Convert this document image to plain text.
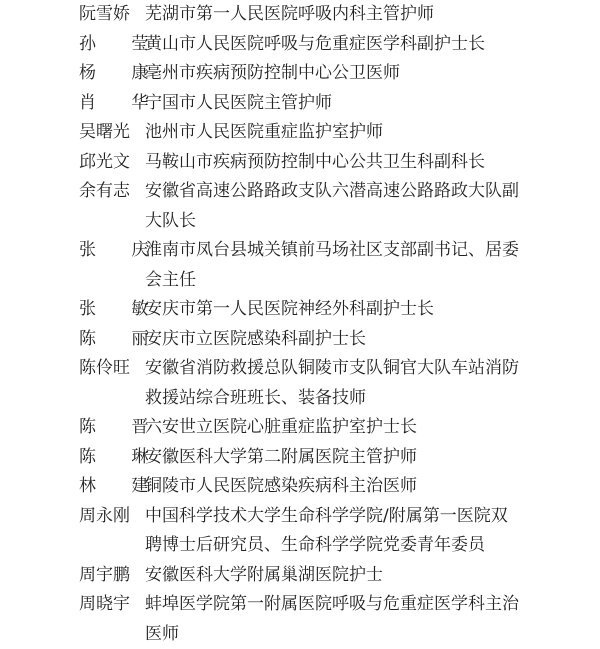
阮雪娇 芜湖市第一人民医院呼吸内科主管护师
孙 莹
黄山市人民医院呼吸与危重症医学科副护士长
杨 康
亳州市疾病预防控制中心公卫医师
肖 华
宁国市人民医院主管护师
吴曙光 池州市人民医院重症监护室护师
邱光文 马鞍山市疾病预防控制中心公共卫生科副科长
余有志 安徽省高速公路路政支队六潜高速公路路政大队副大队长
张 庆
淮南市凤台县城关镇前马场社区支部副书记、居委会主任
张 敏
安庆市第一人民医院神经外科副护士长
陈 丽
安庆市立医院感染科副护士长
陈伶旺 安徽省消防救援总队铜陵市支队铜官大队车站消防救援站综合班班长、装备技师
陈 晋
六安世立医院心脏重症监护室护士长
陈 琳
安徽医科大学第二附属医院主管护师
林 建
铜陵市人民医院感染疾病科主治医师
周永刚 中国科学技术大学生命科学学院/附属第一医院双聘博士后研究员、生命科学学院党委青年委员
周宇鹏 安徽医科大学附属巢湖医院护士
周晓宇 蚌埠医学院第一附属医院呼吸与危重症医学科主治医师
